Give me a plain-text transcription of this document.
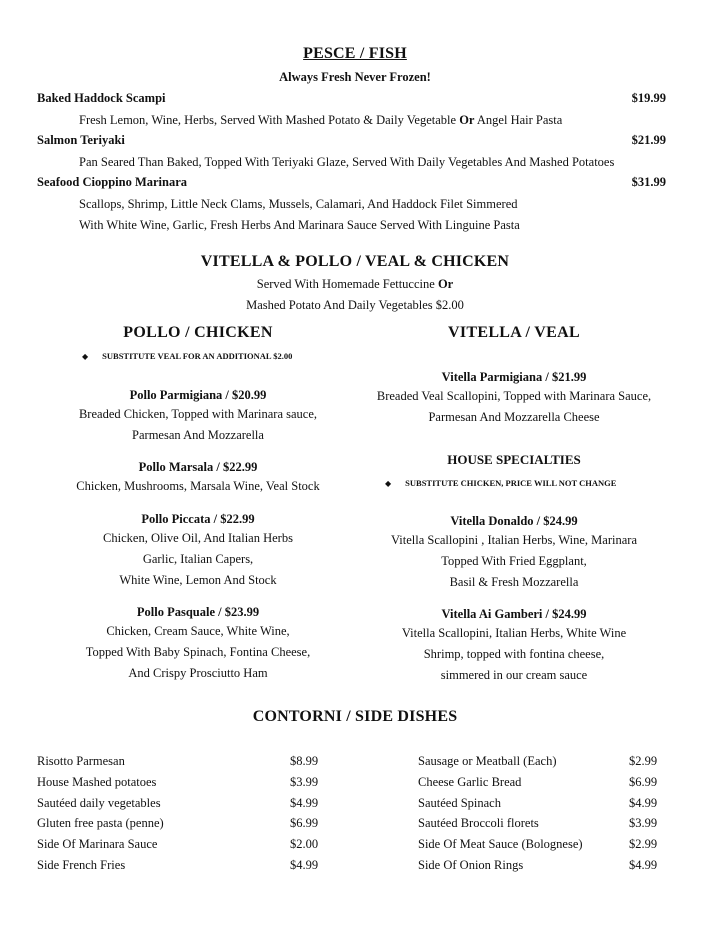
PESCE / FISH
Always Fresh Never Frozen!
Baked Haddock Scampi	$19.99
Fresh Lemon, Wine, Herbs, Served With Mashed Potato & Daily Vegetable Or Angel Hair Pasta
Salmon Teriyaki	$21.99
Pan Seared Than Baked, Topped With Teriyaki Glaze, Served With Daily Vegetables And Mashed Potatoes
Seafood Cioppino Marinara	$31.99
Scallops, Shrimp, Little Neck Clams, Mussels, Calamari, And Haddock Filet Simmered
With White Wine, Garlic, Fresh Herbs And Marinara Sauce Served With Linguine Pasta
VITELLA & POLLO / VEAL & CHICKEN
Served With Homemade Fettuccine Or
Mashed Potato And Daily Vegetables $2.00
POLLO / CHICKEN
◆ SUBSTITUTE VEAL FOR AN ADDITIONAL $2.00
Pollo Parmigiana / $20.99
Breaded Chicken, Topped with Marinara sauce,
Parmesan And Mozzarella
Pollo Marsala / $22.99
Chicken, Mushrooms, Marsala Wine, Veal Stock
Pollo Piccata / $22.99
Chicken, Olive Oil, And Italian Herbs
Garlic, Italian Capers,
White Wine, Lemon And Stock
Pollo Pasquale / $23.99
Chicken, Cream Sauce, White Wine,
Topped With Baby Spinach, Fontina Cheese,
And Crispy Prosciutto Ham
VITELLA / VEAL
Vitella Parmigiana / $21.99
Breaded Veal Scallopini, Topped with Marinara Sauce,
Parmesan And Mozzarella Cheese
HOUSE SPECIALTIES
◆ SUBSTITUTE CHICKEN, PRICE WILL NOT CHANGE
Vitella Donaldo / $24.99
Vitella Scallopini , Italian Herbs, Wine, Marinara
Topped With Fried Eggplant,
Basil & Fresh Mozzarella
Vitella Ai Gamberi / $24.99
Vitella Scallopini, Italian Herbs, White Wine
Shrimp, topped with fontina cheese,
simmered in our cream sauce
CONTORNI / SIDE DISHES
Risotto Parmesan	$8.99
House Mashed potatoes	$3.99
Sautéed daily vegetables	$4.99
Gluten free pasta (penne)	$6.99
Side Of Marinara Sauce	$2.00
Side French Fries	$4.99
Sausage or Meatball (Each)	$2.99
Cheese Garlic Bread	$6.99
Sautéed Spinach	$4.99
Sautéed Broccoli florets	$3.99
Side Of Meat Sauce (Bolognese)	$2.99
Side Of Onion Rings	$4.99
